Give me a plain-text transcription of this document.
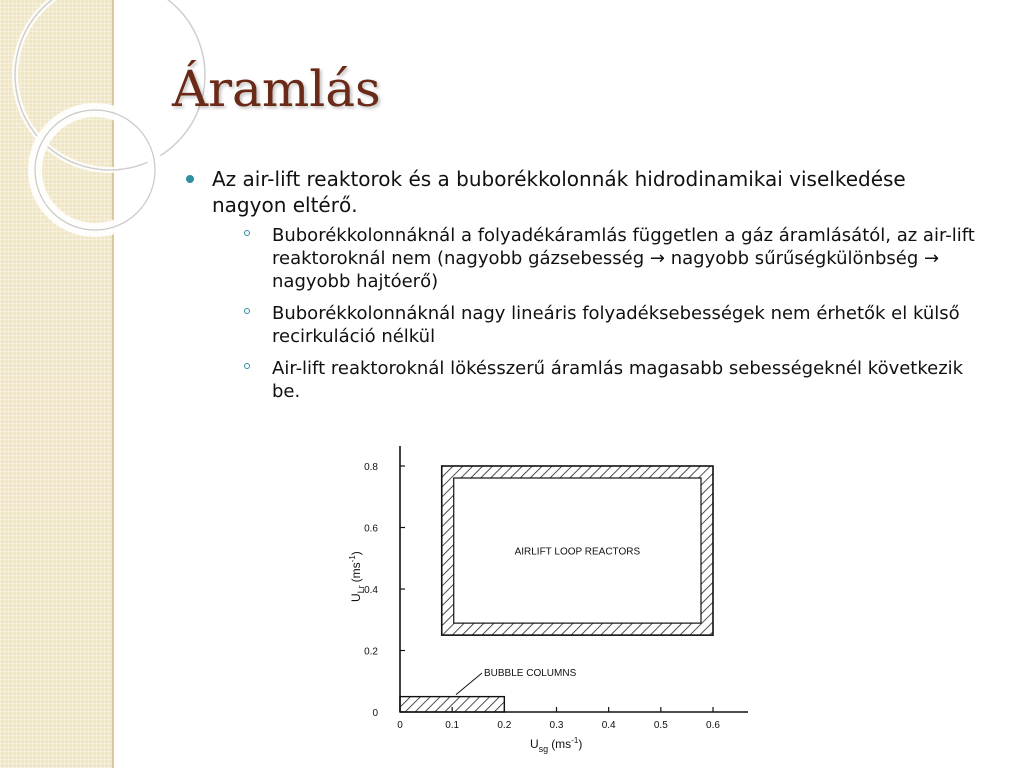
Áramlás
Az air-lift reaktorok és a buborékkolonnák hidrodinamikai viselkedése nagyon eltérő.
Buborékkolonnáknál a folyadékáramlás független a gáz áramlásától, az air-lift reaktoroknál nem (nagyobb gázsebesség → nagyobb sűrűségkülönbség → nagyobb hajtóerő)
Buborékkolonnáknál nagy lineáris folyadéksebességek nem érhetők el külső recirkuláció nélkül
Air-lift reaktoroknál lökésszerű áramlás magasabb sebességeknél következik be.
AIRLIFT LOOP REACTORS
BUBBLE COLUMNS
0	0.1	0.2	0.3	0.4	0.5	0.6
0
0.2
0.4
0.6
0.8
$U_{sg}$ $(ms^{-1})$
$U_{Lr}(ms^{-1})$
